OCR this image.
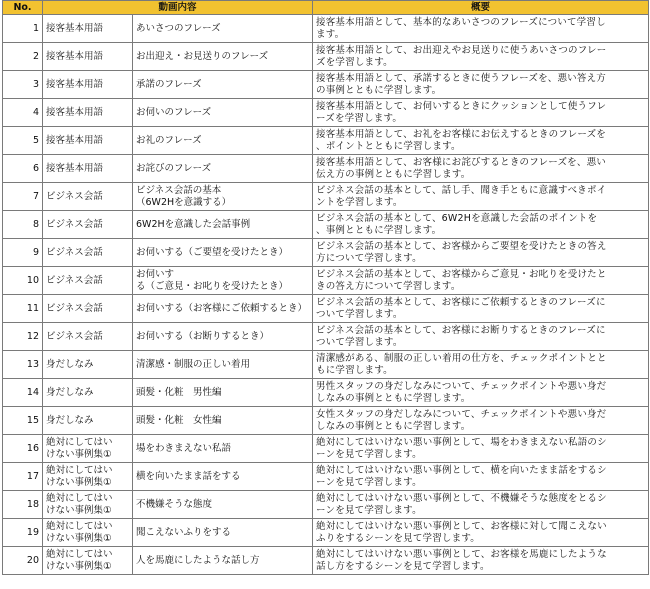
No.	動画内容		概要
1	接客基本用語	あいさつのフレーズ	接客基本用語として、基本的なあいさつのフレーズについて学習し
ます。

2	接客基本用語	お出迎え・お見送りのフレーズ	接客基本用語として、お出迎えやお見送りに使うあいさつのフレー
ズを学習します。

3	接客基本用語	承諾のフレーズ	接客基本用語として、承諾するときに使うフレーズを、悪い答え方
の事例とともに学習します。

4	接客基本用語	お伺いのフレーズ	接客基本用語として、お伺いするときにクッションとして使うフレ
ーズを学習します。

5	接客基本用語	お礼のフレーズ	接客基本用語として、お礼をお客様にお伝えするときのフレーズを
、ポイントとともに学習します。

6	接客基本用語	お詫びのフレーズ	接客基本用語として、お客様にお詫びするときのフレーズを、悪い
伝え方の事例とともに学習します。

7	ビジネス会話	ビジネス会話の基本
（6W2Hを意識する）	ビジネス会話の基本として、話し手、聞き手ともに意識すべきポイ
ントを学習します。

8	ビジネス会話	6W2Hを意識した会話事例	ビジネス会話の基本として、6W2Hを意識した会話のポイントを
、事例とともに学習します。

9	ビジネス会話	お伺いする（ご要望を受けたとき）	ビジネス会話の基本として、お客様からご要望を受けたときの答え
方について学習します。

10	ビジネス会話	お伺いす
る（ご意見・お叱りを受けたとき）	ビジネス会話の基本として、お客様からご意見・お叱りを受けたと
きの答え方について学習します。

11	ビジネス会話	お伺いする（お客様にご依頼するとき）	ビジネス会話の基本として、お客様にご依頼するときのフレーズに
ついて学習します。

12	ビジネス会話	お伺いする（お断りするとき）	ビジネス会話の基本として、お客様にお断りするときのフレーズに
ついて学習します。

13	身だしなみ	清潔感・制服の正しい着用	清潔感がある、制服の正しい着用の仕方を、チェックポイントとと
もに学習します。

14	身だしなみ	頭髪・化粧　男性編	男性スタッフの身だしなみについて、チェックポイントや悪い身だ
しなみの事例とともに学習します。

15	身だしなみ	頭髪・化粧　女性編	女性スタッフの身だしなみについて、チェックポイントや悪い身だ
しなみの事例とともに学習します。

16	絶対にしてはい
けない事例集①	場をわきまえない私語	絶対にしてはいけない悪い事例として、場をわきまえない私語のシ
ーンを見て学習します。

17	絶対にしてはい
けない事例集①	横を向いたまま話をする	絶対にしてはいけない悪い事例として、横を向いたまま話をするシ
ーンを見て学習します。

18	絶対にしてはい
けない事例集①	不機嫌そうな態度	絶対にしてはいけない悪い事例として、不機嫌そうな態度をとるシ
ーンを見て学習します。

19	絶対にしてはい
けない事例集①	聞こえないふりをする	絶対にしてはいけない悪い事例として、お客様に対して聞こえない
ふりをするシーンを見て学習します。

20	絶対にしてはい
けない事例集①	人を馬鹿にしたような話し方	絶対にしてはいけない悪い事例として、お客様を馬鹿にしたような
話し方をするシーンを見て学習します。
